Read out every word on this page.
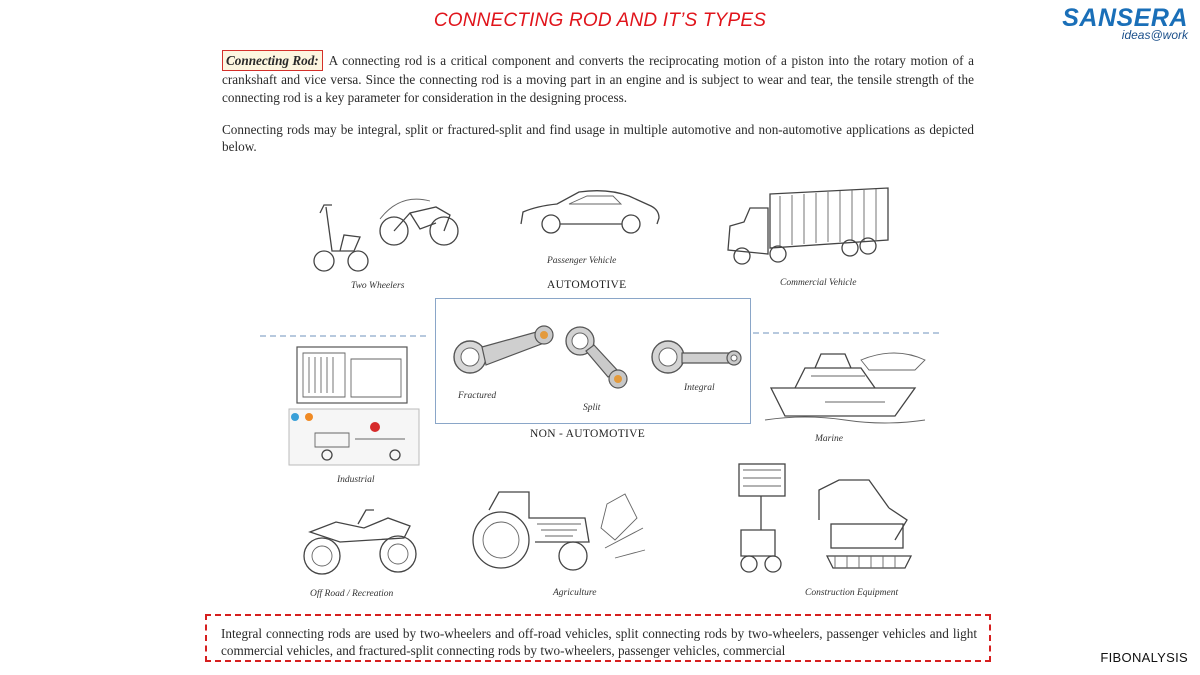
CONNECTING ROD AND IT’S TYPES	SANSERA
ideas@work
Connecting Rod: A connecting rod is a critical component and converts the reciprocating motion of a piston into the rotary motion of a crankshaft and vice versa. Since the connecting rod is a moving part in an engine and is subject to wear and tear, the tensile strength of the connecting rod is a key parameter for consideration in the designing process.
Connecting rods may be integral, split or fractured-split and find usage in multiple automotive and non-automotive applications as depicted below.
Two Wheelers
Passenger Vehicle
AUTOMOTIVE	Commercial Vehicle
Fractured
Split
Integral
NON - AUTOMOTIVE
Industrial
Marine
Off Road / Recreation	Agriculture	Construction Equipment
Integral connecting rods are used by two-wheelers and off-road vehicles, split connecting rods by two-wheelers, passenger vehicles and light commercial vehicles, and fractured-split connecting rods by two-wheelers, passenger vehicles, commercial	FIBONALYSIS
